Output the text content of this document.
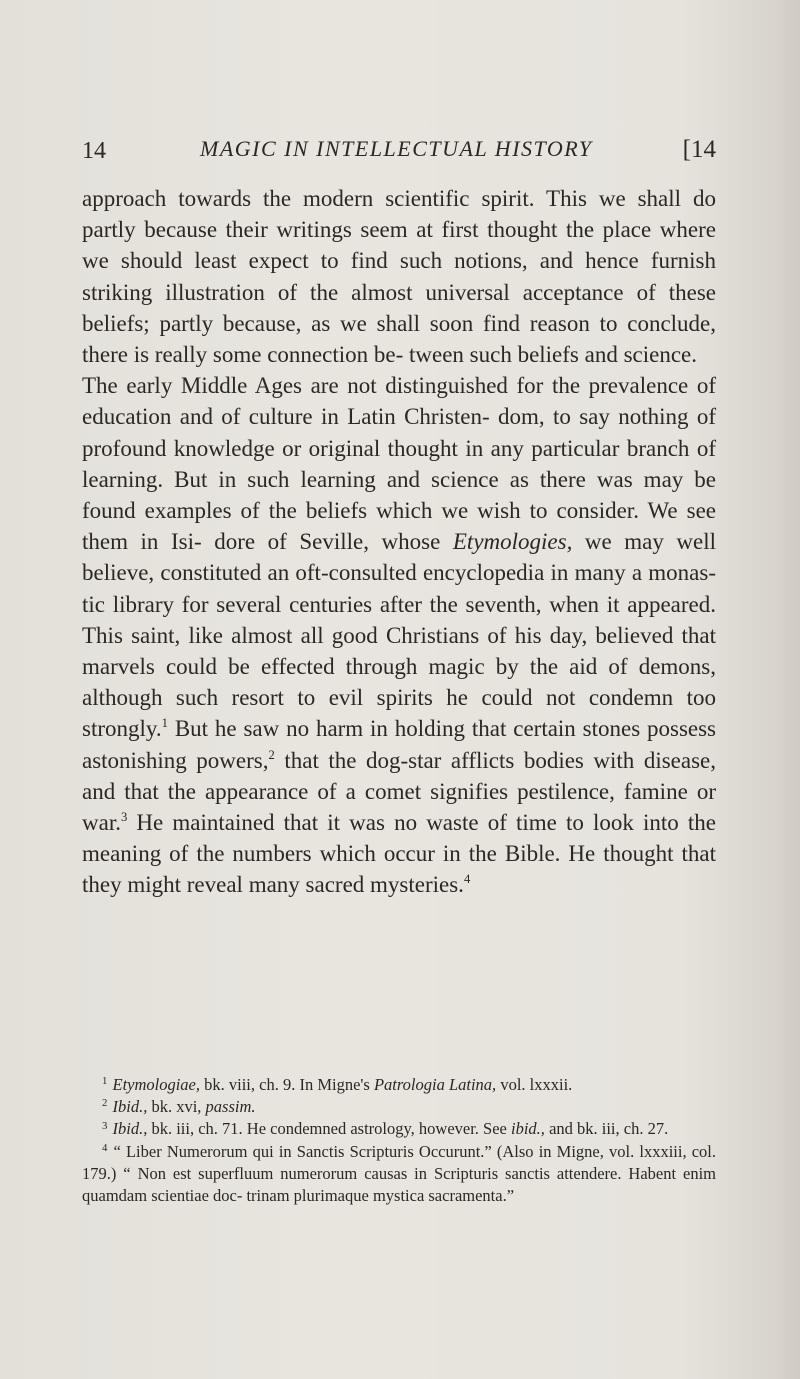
14	MAGIC IN INTELLECTUAL HISTORY	[14

approach towards the modern scientific spirit. This we shall do partly because their writings seem at first thought the place where we should least expect to find such notions, and hence furnish striking illustration of the almost universal acceptance of these beliefs; partly because, as we shall soon find reason to conclude, there is really some connection be- tween such beliefs and science.

The early Middle Ages are not distinguished for the prevalence of education and of culture in Latin Christen- dom, to say nothing of profound knowledge or original thought in any particular branch of learning. But in such learning and science as there was may be found examples of the beliefs which we wish to consider. We see them in Isi- dore of Seville, whose Etymologies, we may well believe, constituted an oft-consulted encyclopedia in many a monas- tic library for several centuries after the seventh, when it appeared. This saint, like almost all good Christians of his day, believed that marvels could be effected through magic by the aid of demons, although such resort to evil spirits he could not condemn too strongly.$^1$ But he saw no harm in holding that certain stones possess astonishing powers,$^2$ that the dog-star afflicts bodies with disease, and that the appearance of a comet signifies pestilence, famine or war.$^3$ He maintained that it was no waste of time to look into the meaning of the numbers which occur in the Bible. He thought that they might reveal many sacred mysteries.$^4$

$^1$ Etymologiae, bk. viii, ch. 9. In Migne's Patrologia Latina, vol. lxxxii.

$^2$ Ibid., bk. xvi, passim.

$^3$ Ibid., bk. iii, ch. 71. He condemned astrology, however. See ibid., and bk. iii, ch. 27.

$^4$ “ Liber Numerorum qui in Sanctis Scripturis Occurunt.” (Also in Migne, vol. lxxxiii, col. 179.) “ Non est superfluum numerorum causas in Scripturis sanctis attendere. Habent enim quamdam scientiae doc- trinam plurimaque mystica sacramenta.”
